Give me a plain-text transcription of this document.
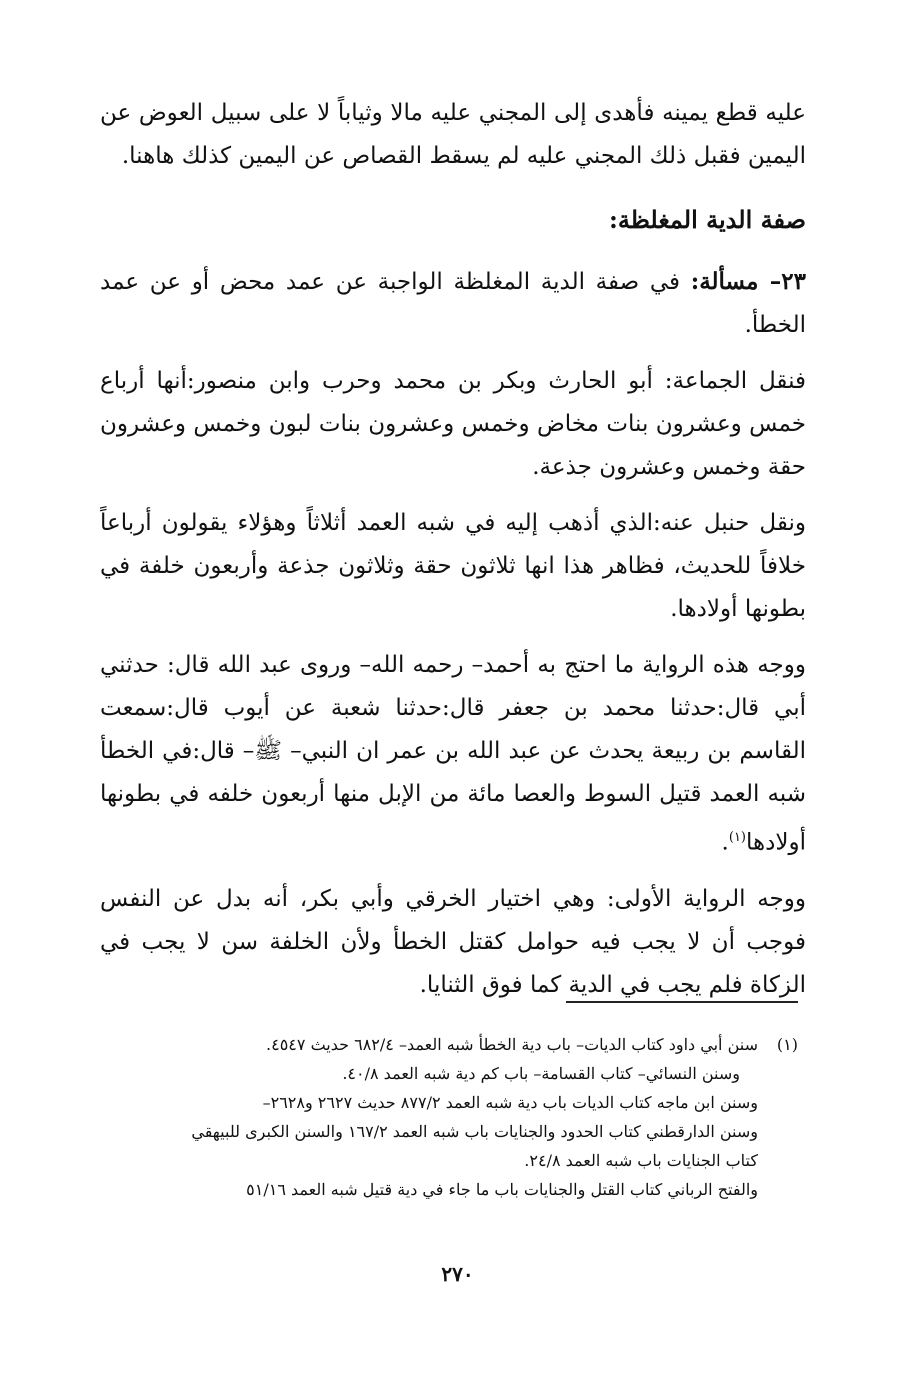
عليه قطع يمينه فأهدى إلى المجني عليه مالا وثياباً لا على سبيل العوض عن اليمين فقبل ذلك المجني عليه لم يسقط القصاص عن اليمين كذلك هاهنا.

صفة الدية المغلظة:

٢٣– مسألة: في صفة الدية المغلظة الواجبة عن عمد محض أو عن عمد الخطأ.

فنقل الجماعة: أبو الحارث وبكر بن محمد وحرب وابن منصور:أنها أرباع خمس وعشرون بنات مخاض وخمس وعشرون بنات لبون وخمس وعشرون حقة وخمس وعشرون جذعة.

ونقل حنبل عنه:الذي أذهب إليه في شبه العمد أثلاثاً وهؤلاء يقولون أرباعاً خلافاً للحديث، فظاهر هذا انها ثلاثون حقة وثلاثون جذعة وأربعون خلفة في بطونها أولادها.

ووجه هذه الرواية ما احتج به أحمد– رحمه الله– وروى عبد الله قال: حدثني أبي قال:حدثنا محمد بن جعفر قال:حدثنا شعبة عن أيوب قال:سمعت القاسم بن ربيعة يحدث عن عبد الله بن عمر ان النبي– ﷺ– قال:في الخطأ شبه العمد قتيل السوط والعصا مائة من الإبل منها أربعون خلفه في بطونها أولادها$^{(١)}$.

ووجه الرواية الأولى: وهي اختيار الخرقي وأبي بكر، أنه بدل عن النفس فوجب أن لا يجب فيه حوامل كقتل الخطأ ولأن الخلفة سن لا يجب في الزكاة فلم يجب في الدية كما فوق الثنايا.

(١)
سنن أبي داود كتاب الديات– باب دية الخطأ شبه العمد– ٦٨٢/٤ حديث ٤٥٤٧.
وسنن النسائي– كتاب القسامة– باب كم دية شبه العمد ٤٠/٨.
وسنن ابن ماجه كتاب الديات باب دية شبه العمد ٨٧٧/٢ حديث ٢٦٢٧ و٢٦٢٨–
وسنن الدارقطني كتاب الحدود والجنايات باب شبه العمد ١٦٧/٢ والسنن الكبرى للبيهقي
كتاب الجنايات باب شبه العمد ٢٤/٨.
والفتح الرباني كتاب القتل والجنايات باب ما جاء في دية قتيل شبه العمد ٥١/١٦
٢٧٠
